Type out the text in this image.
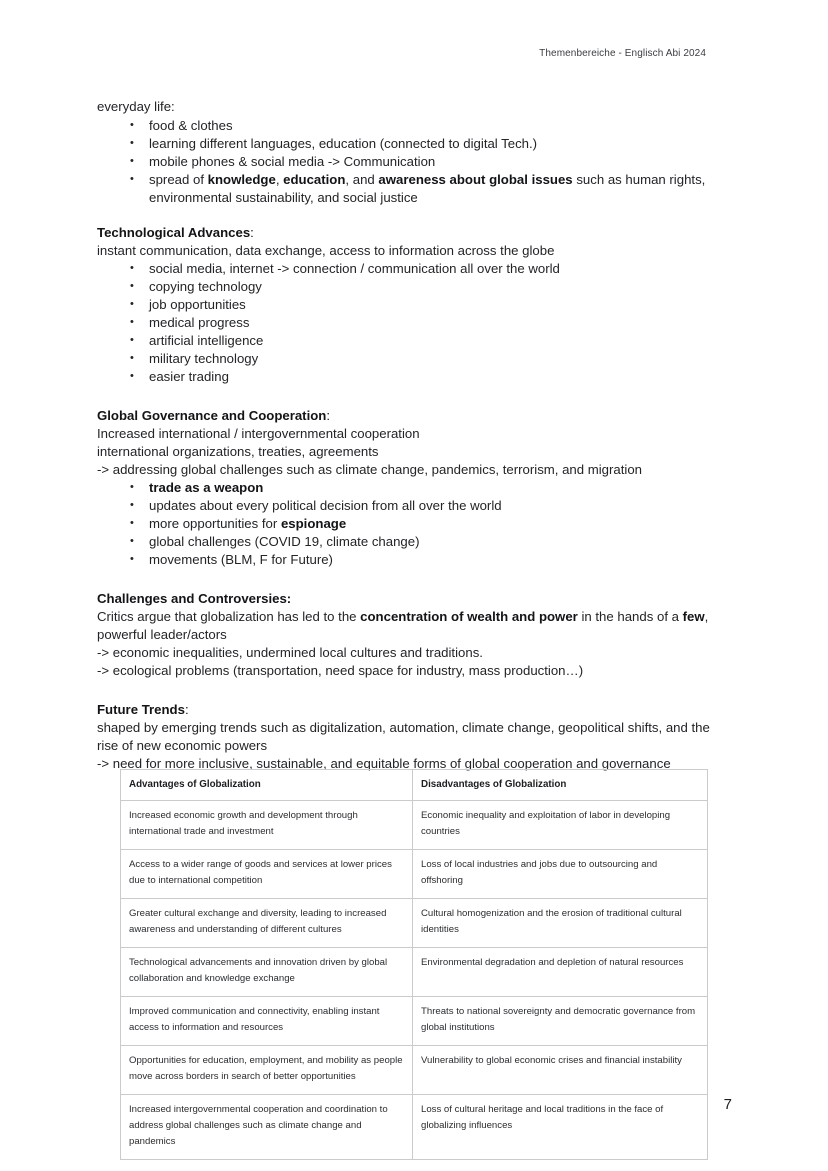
Themenbereiche - Englisch Abi 2024

everyday life:

• food & clothes
• learning different languages, education (connected to digital Tech.)
• mobile phones & social media -> Communication
• spread of knowledge, education, and awareness about global issues such as human rights, environmental sustainability, and social justice

Technological Advances:

instant communication, data exchange, access to information across the globe

• social media, internet -> connection / communication all over the world
• copying technology
• job opportunities
• medical progress
• artificial intelligence
• military technology
• easier trading

Global Governance and Cooperation:

Increased international / intergovernmental cooperation

international organizations, treaties, agreements

-> addressing global challenges such as climate change, pandemics, terrorism, and migration

• trade as a weapon
• updates about every political decision from all over the world
• more opportunities for espionage
• global challenges (COVID 19, climate change)
• movements (BLM, F for Future)

Challenges and Controversies:

Critics argue that globalization has led to the concentration of wealth and power in the hands of a few, powerful leader/actors

-> economic inequalities, undermined local cultures and traditions.

-> ecological problems (transportation, need space for industry, mass production…)

Future Trends:

shaped by emerging trends such as digitalization, automation, climate change, geopolitical shifts, and the rise of new economic powers

-> need for more inclusive, sustainable, and equitable forms of global cooperation and governance

Advantages of Globalization	Disadvantages of Globalization
Increased economic growth and development through international trade and investment	Economic inequality and exploitation of labor in developing countries
Access to a wider range of goods and services at lower prices due to international competition	Loss of local industries and jobs due to outsourcing and offshoring
Greater cultural exchange and diversity, leading to increased awareness and understanding of different cultures	Cultural homogenization and the erosion of traditional cultural identities
Technological advancements and innovation driven by global collaboration and knowledge exchange	Environmental degradation and depletion of natural resources
Improved communication and connectivity, enabling instant access to information and resources	Threats to national sovereignty and democratic governance from global institutions
Opportunities for education, employment, and mobility as people move across borders in search of better opportunities	Vulnerability to global economic crises and financial instability
Increased intergovernmental cooperation and coordination to address global challenges such as climate change and pandemics	Loss of cultural heritage and local traditions in the face of globalizing influences
7
